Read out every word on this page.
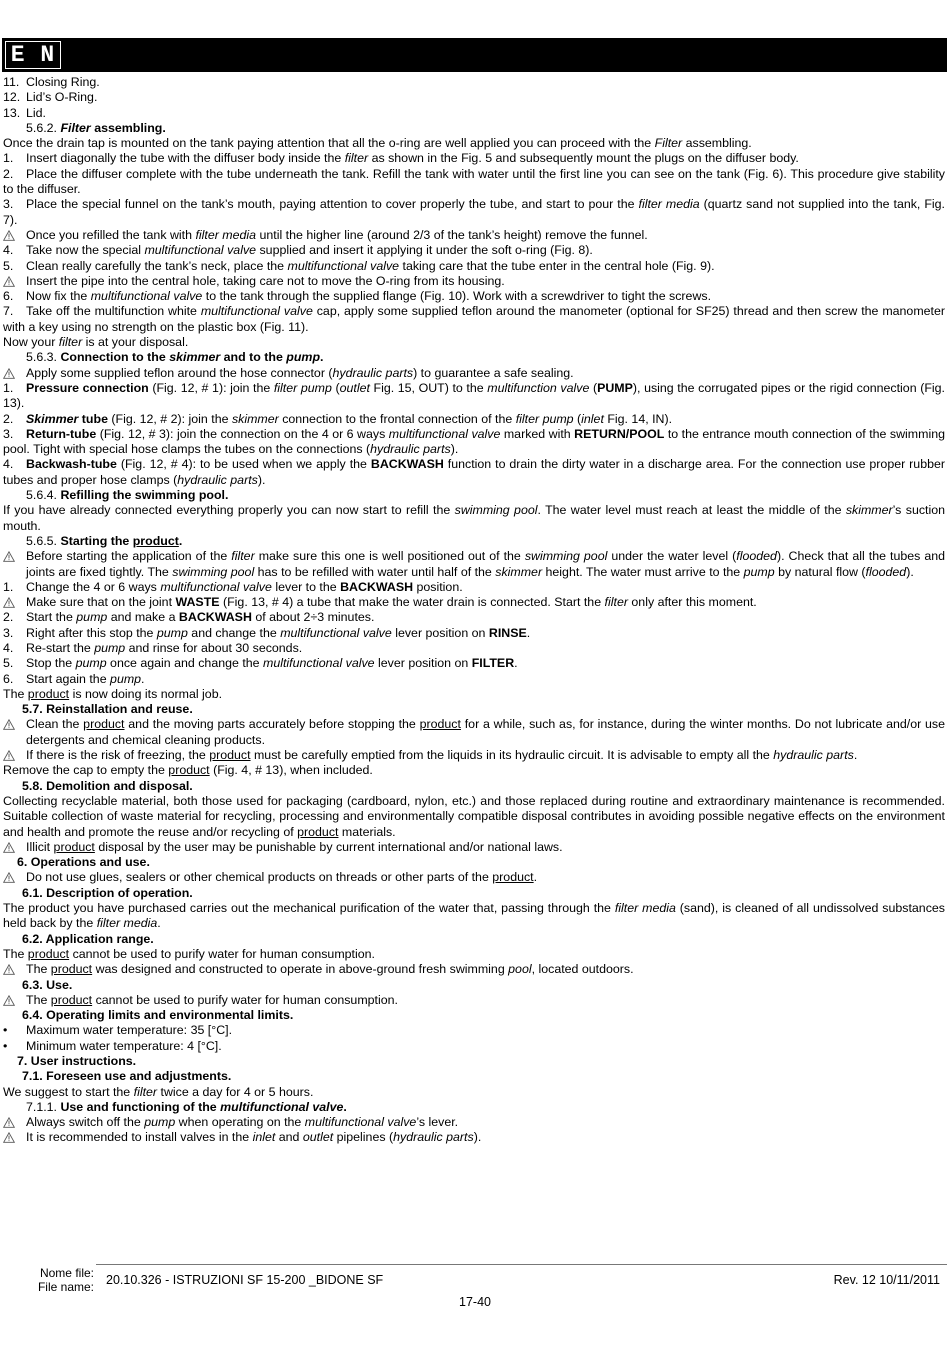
E N
11. Closing Ring.
12. Lid’s O-Ring.
13. Lid.
5.6.2. Filter assembling.
Once the drain tap is mounted on the tank paying attention that all the o-ring are well applied you can proceed with the Filter assembling.
1. Insert diagonally the tube with the diffuser body inside the filter as shown in the Fig. 5 and subsequently mount the plugs on the diffuser body.
2. Place the diffuser complete with the tube underneath the tank. Refill the tank with water until the first line you can see on the tank (Fig. 6). This procedure give stability to the diffuser.
3. Place the special funnel on the tank’s mouth, paying attention to cover properly the tube, and start to pour the filter media (quartz sand not supplied into the tank, Fig. 7).
Once you refilled the tank with filter media until the higher line (around 2/3 of the tank’s height) remove the funnel.
4. Take now the special multifunctional valve supplied and insert it applying it under the soft o-ring (Fig. 8).
5. Clean really carefully the tank’s neck, place the multifunctional valve taking care that the tube enter in the central hole (Fig. 9).
Insert the pipe into the central hole, taking care not to move the O-ring from its housing.
6. Now fix the multifunctional valve to the tank through the supplied flange (Fig. 10). Work with a screwdriver to tight the screws.
7. Take off the multifunction white multifunctional valve cap, apply some supplied teflon around the manometer (optional for SF25) thread and then screw the manometer with a key using no strength on the plastic box (Fig. 11).
Now your filter is at your disposal.
5.6.3. Connection to the skimmer and to the pump.
Apply some supplied teflon around the hose connector (hydraulic parts) to guarantee a safe sealing.
1. Pressure connection (Fig. 12, # 1): join the filter pump (outlet Fig. 15, OUT) to the multifunction valve (PUMP), using the corrugated pipes or the rigid connection (Fig. 13).
2. Skimmer tube (Fig. 12, # 2): join the skimmer connection to the frontal connection of the filter pump (inlet Fig. 14, IN).
3. Return-tube (Fig. 12, # 3): join the connection on the 4 or 6 ways multifunctional valve marked with RETURN/POOL to the entrance mouth connection of the swimming pool. Tight with special hose clamps the tubes on the connections (hydraulic parts).
4. Backwash-tube (Fig. 12, # 4): to be used when we apply the BACKWASH function to drain the dirty water in a discharge area. For the connection use proper rubber tubes and proper hose clamps (hydraulic parts).
5.6.4. Refilling the swimming pool.
If you have already connected everything properly you can now start to refill the swimming pool. The water level must reach at least the middle of the skimmer’s suction mouth.
5.6.5. Starting the product.
Before starting the application of the filter make sure this one is well positioned out of the swimming pool under the water level (flooded). Check that all the tubes and joints are fixed tightly. The swimming pool has to be refilled with water until half of the skimmer height. The water must arrive to the pump by natural flow (flooded).
1. Change the 4 or 6 ways multifunctional valve lever to the BACKWASH position.
Make sure that on the joint WASTE (Fig. 13, # 4) a tube that make the water drain is connected. Start the filter only after this moment.
2. Start the pump and make a BACKWASH of about 2÷3 minutes.
3. Right after this stop the pump and change the multifunctional valve lever position on RINSE.
4. Re-start the pump and rinse for about 30 seconds.
5. Stop the pump once again and change the multifunctional valve lever position on FILTER.
6. Start again the pump.
The product is now doing its normal job.
5.7. Reinstallation and reuse.
Clean the product and the moving parts accurately before stopping the product for a while, such as, for instance, during the winter months. Do not lubricate and/or use detergents and chemical cleaning products.
If there is the risk of freezing, the product must be carefully emptied from the liquids in its hydraulic circuit. It is advisable to empty all the hydraulic parts.
Remove the cap to empty the product (Fig. 4, # 13), when included.
5.8. Demolition and disposal.
Collecting recyclable material, both those used for packaging (cardboard, nylon, etc.) and those replaced during routine and extraordinary maintenance is recommended. Suitable collection of waste material for recycling, processing and environmentally compatible disposal contributes in avoiding possible negative effects on the environment and health and promote the reuse and/or recycling of product materials.
Illicit product disposal by the user may be punishable by current international and/or national laws.
6. Operations and use.
Do not use glues, sealers or other chemical products on threads or other parts of the product.
6.1. Description of operation.
The product you have purchased carries out the mechanical purification of the water that, passing through the filter media (sand), is cleaned of all undissolved substances held back by the filter media.
6.2. Application range.
The product cannot be used to purify water for human consumption.
The product was designed and constructed to operate in above-ground fresh swimming pool, located outdoors.
6.3. Use.
The product cannot be used to purify water for human consumption.
6.4. Operating limits and environmental limits.
• Maximum water temperature: 35 [°C].
• Minimum water temperature: 4 [°C].
7. User instructions.
7.1. Foreseen use and adjustments.
We suggest to start the filter twice a day for 4 or 5 hours.
7.1.1. Use and functioning of the multifunctional valve.
Always switch off the pump when operating on the multifunctional valve’s lever.
It is recommended to install valves in the inlet and outlet pipelines (hydraulic parts).
Nome file:
File name: 20.10.326 - ISTRUZIONI SF 15-200 _BIDONE SF	Rev. 12 10/11/2011
17-40
